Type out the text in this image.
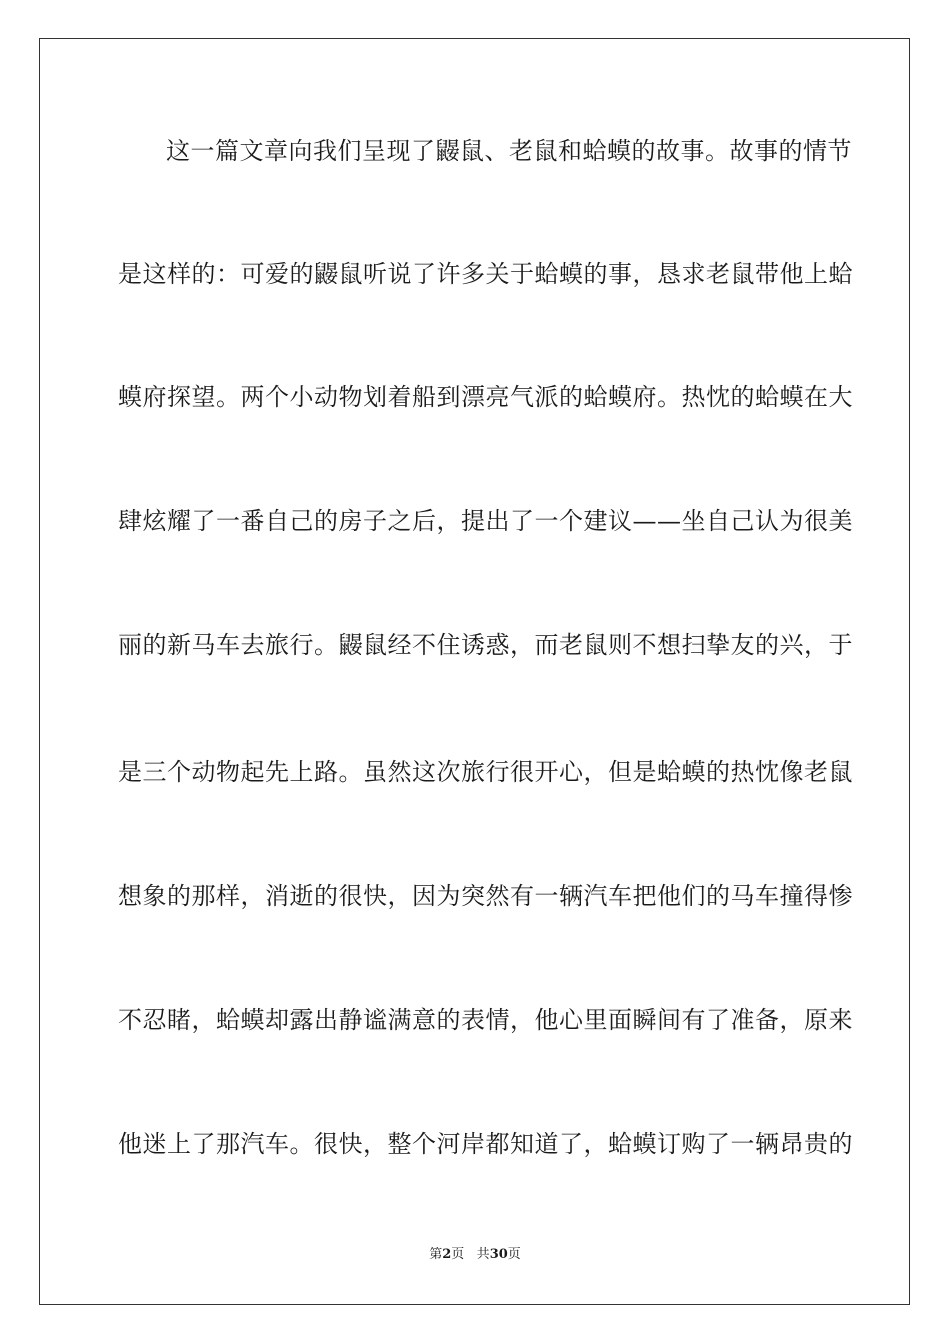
这一篇文章向我们呈现了鼹鼠、老鼠和蛤蟆的故事。故事的情节
是这样的：可爱的鼹鼠听说了许多关于蛤蟆的事，恳求老鼠带他上蛤
蟆府探望。两个小动物划着船到漂亮气派的蛤蟆府。热忱的蛤蟆在大
肆炫耀了一番自己的房子之后，提出了一个建议——坐自己认为很美
丽的新马车去旅行。鼹鼠经不住诱惑，而老鼠则不想扫挚友的兴，于
是三个动物起先上路。虽然这次旅行很开心，但是蛤蟆的热忱像老鼠
想象的那样，消逝的很快，因为突然有一辆汽车把他们的马车撞得惨
不忍睹，蛤蟆却露出静谧满意的表情，他心里面瞬间有了准备，原来
他迷上了那汽车。很快，整个河岸都知道了，蛤蟆订购了一辆昂贵的
第2页 共30页
